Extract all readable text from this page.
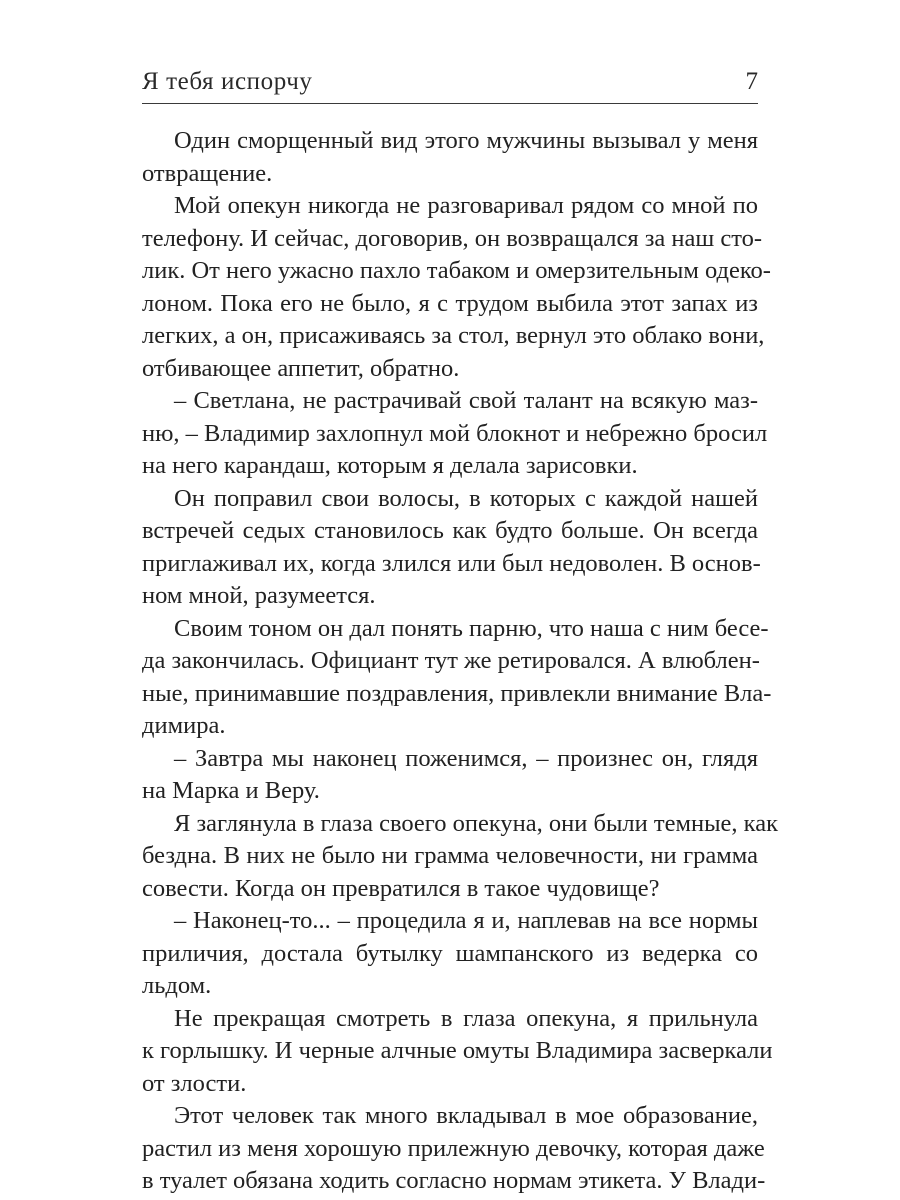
Я тебя испорчу	7

Один сморщенный вид этого мужчины вызывал у меня
отвращение.

Мой опекун никогда не разговаривал рядом со мной по
телефону. И сейчас, договорив, он возвращался за наш сто-
лик. От него ужасно пахло табаком и омерзительным одеко-
лоном. Пока его не было, я с трудом выбила этот запах из
легких, а он, присаживаясь за стол, вернул это облако вони,
отбивающее аппетит, обратно.

– Светлана, не растрачивай свой талант на всякую маз-
ню, – Владимир захлопнул мой блокнот и небрежно бросил
на него карандаш, которым я делала зарисовки.

Он поправил свои волосы, в которых с каждой нашей
встречей седых становилось как будто больше. Он всегда
приглаживал их, когда злился или был недоволен. В основ-
ном мной, разумеется.

Своим тоном он дал понять парню, что наша с ним бесе-
да закончилась. Официант тут же ретировался. А влюблен-
ные, принимавшие поздравления, привлекли внимание Вла-
димира.

– Завтра мы наконец поженимся, – произнес он, глядя
на Марка и Веру.

Я заглянула в глаза своего опекуна, они были темные, как
бездна. В них не было ни грамма человечности, ни грамма
совести. Когда он превратился в такое чудовище?

– Наконец-то... – процедила я и, наплевав на все нормы
приличия, достала бутылку шампанского из ведерка со
льдом.

Не прекращая смотреть в глаза опекуна, я прильнула
к горлышку. И черные алчные омуты Владимира засверкали
от злости.

Этот человек так много вкладывал в мое образование,
растил из меня хорошую прилежную девочку, которая даже
в туалет обязана ходить согласно нормам этикета. У Влади-
